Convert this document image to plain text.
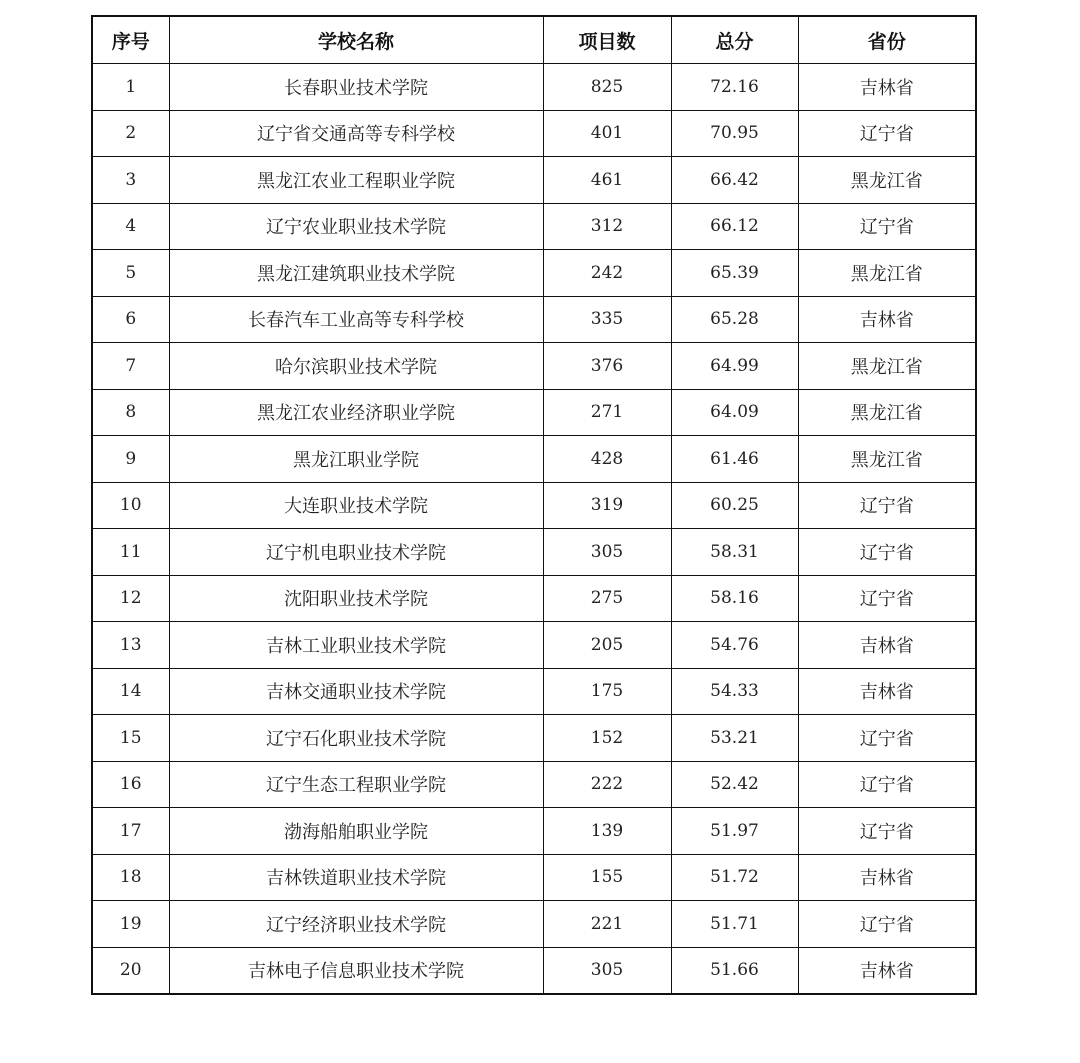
序号	学校名称	项目数	总分	省份
1	长春职业技术学院	825	72.16	吉林省
2	辽宁省交通高等专科学校	401	70.95	辽宁省
3	黑龙江农业工程职业学院	461	66.42	黑龙江省
4	辽宁农业职业技术学院	312	66.12	辽宁省
5	黑龙江建筑职业技术学院	242	65.39	黑龙江省
6	长春汽车工业高等专科学校	335	65.28	吉林省
7	哈尔滨职业技术学院	376	64.99	黑龙江省
8	黑龙江农业经济职业学院	271	64.09	黑龙江省
9	黑龙江职业学院	428	61.46	黑龙江省
10	大连职业技术学院	319	60.25	辽宁省
11	辽宁机电职业技术学院	305	58.31	辽宁省
12	沈阳职业技术学院	275	58.16	辽宁省
13	吉林工业职业技术学院	205	54.76	吉林省
14	吉林交通职业技术学院	175	54.33	吉林省
15	辽宁石化职业技术学院	152	53.21	辽宁省
16	辽宁生态工程职业学院	222	52.42	辽宁省
17	渤海船舶职业学院	139	51.97	辽宁省
18	吉林铁道职业技术学院	155	51.72	吉林省
19	辽宁经济职业技术学院	221	51.71	辽宁省
20	吉林电子信息职业技术学院	305	51.66	吉林省
